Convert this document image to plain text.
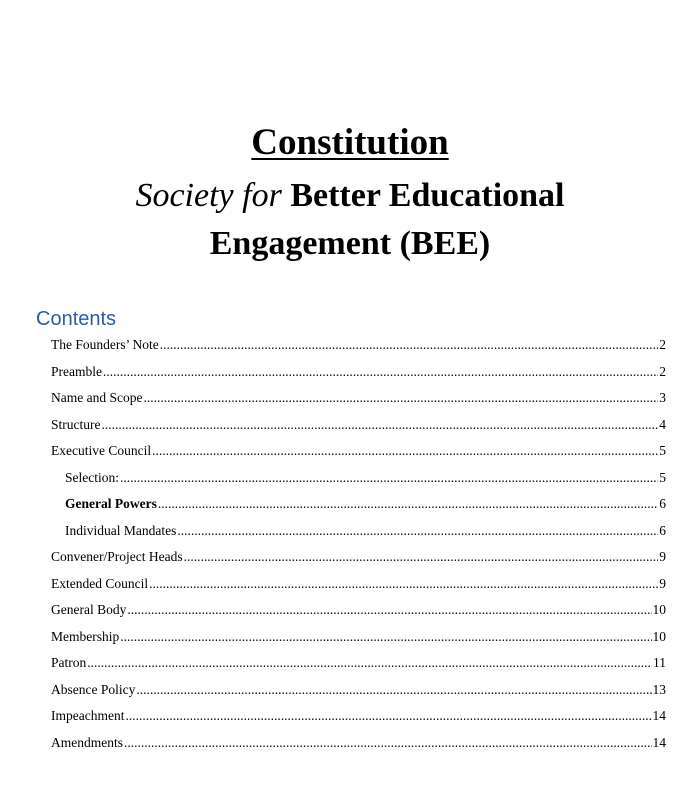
Constitution
Society for Better Educational
Engagement (BEE)
Contents
The Founders’ Note .....	2
Preamble .....	2
Name and Scope .....	3
Structure .....	4
Executive Council .....	5
Selection: .....	5
General Powers .....	6
Individual Mandates .....	6
Convener/Project Heads .....	9
Extended Council .....	9
General Body .....	10
Membership .....	10
Patron .....	11
Absence Policy .....	13
Impeachment .....	14
Amendments .....	14
